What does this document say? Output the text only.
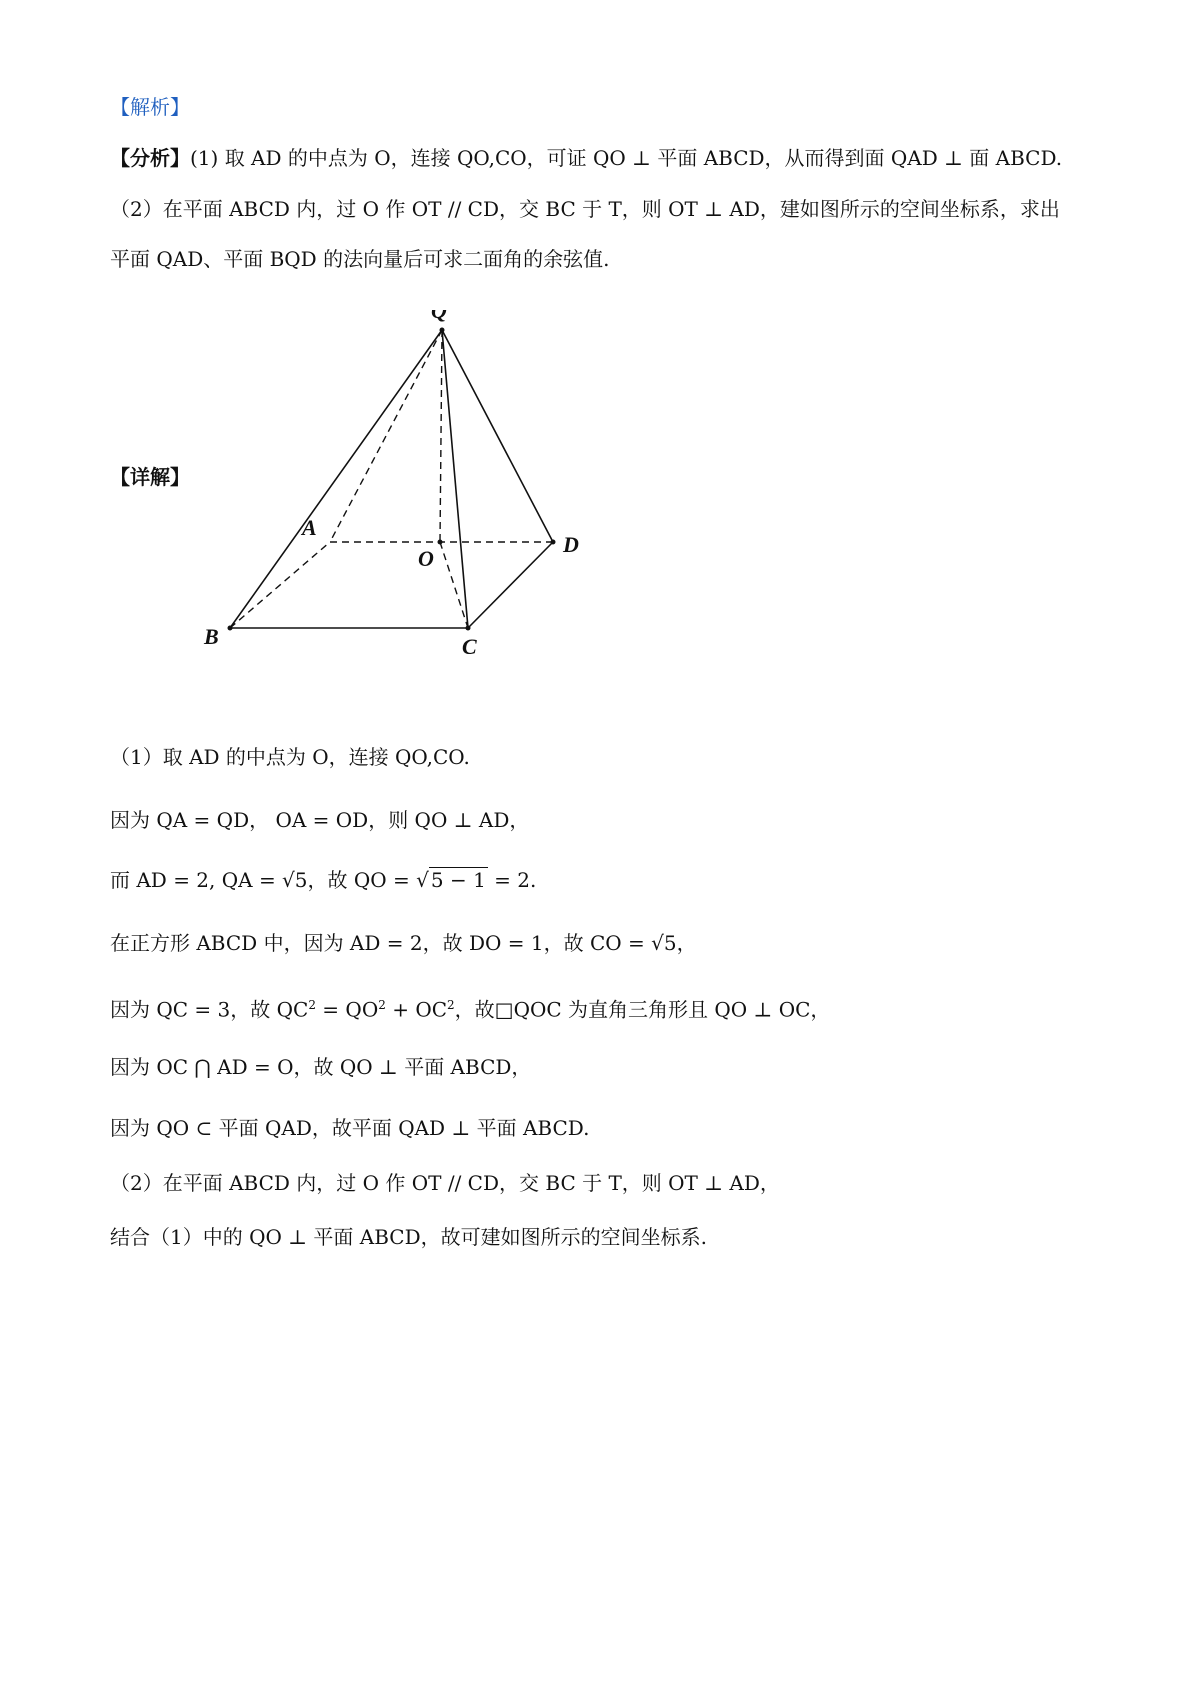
【解析】
【分析】(1) 取 AD 的中点为 O，连接 QO,CO，可证 QO ⊥ 平面 ABCD，从而得到面 QAD ⊥ 面 ABCD.
（2）在平面 ABCD 内，过 O 作 OT // CD，交 BC 于 T，则 OT ⊥ AD，建如图所示的空间坐标系，求出
平面 QAD、平面 BQD 的法向量后可求二面角的余弦值.
【详解】
Q
A
O
D
B	C
（1）取 AD 的中点为 O，连接 QO,CO.
因为 QA = QD， OA = OD，则 QO ⊥ AD，
而 AD = 2, QA = √5，故 QO = √ 5 − 1 = 2.
在正方形 ABCD 中，因为 AD = 2，故 DO = 1，故 CO = √5，
因为 QC = 3，故 $QC^2 = QO^2 + OC^2$，故□QOC 为直角三角形且 QO ⊥ OC，
因为 OC ⋂ AD = O，故 QO ⊥ 平面 ABCD，
因为 QO ⊂ 平面 QAD，故平面 QAD ⊥ 平面 ABCD.
（2）在平面 ABCD 内，过 O 作 OT // CD，交 BC 于 T，则 OT ⊥ AD，
结合（1）中的 QO ⊥ 平面 ABCD，故可建如图所示的空间坐标系.
